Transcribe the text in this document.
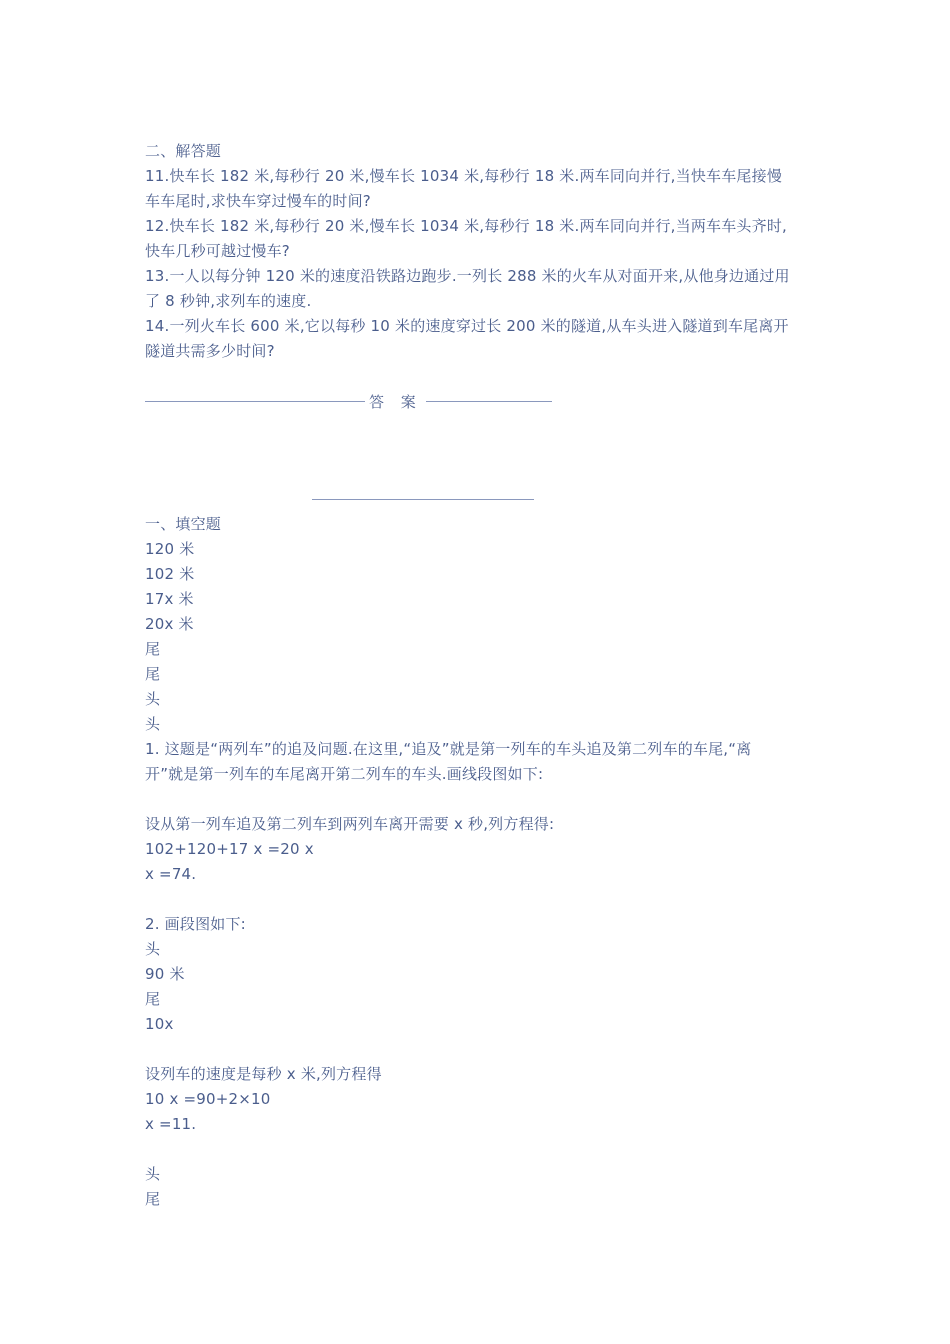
二、解答题
11.快车长 182 米,每秒行 20 米,慢车长 1034 米,每秒行 18 米.两车同向并行,当快车车尾接慢
车车尾时,求快车穿过慢车的时间?
12.快车长 182 米,每秒行 20 米,慢车长 1034 米,每秒行 18 米.两车同向并行,当两车车头齐时,
快车几秒可越过慢车?
13.一人以每分钟 120 米的速度沿铁路边跑步.一列长 288 米的火车从对面开来,从他身边通过用
了 8 秒钟,求列车的速度.
14.一列火车长 600 米,它以每秒 10 米的速度穿过长 200 米的隧道,从车头进入隧道到车尾离开
隧道共需多少时间?
答 案
一、填空题
120 米
102 米
17x 米
20x 米
尾
尾
头
头
1. 这题是“两列车”的追及问题.在这里,“追及”就是第一列车的车头追及第二列车的车尾,“离
开”就是第一列车的车尾离开第二列车的车头.画线段图如下:
设从第一列车追及第二列车到两列车离开需要 x 秒,列方程得:
102+120+17 x =20 x
x =74.
2. 画段图如下:
头
90 米
尾
10x
设列车的速度是每秒 x 米,列方程得
10 x =90+2×10
x =11.
头
尾
